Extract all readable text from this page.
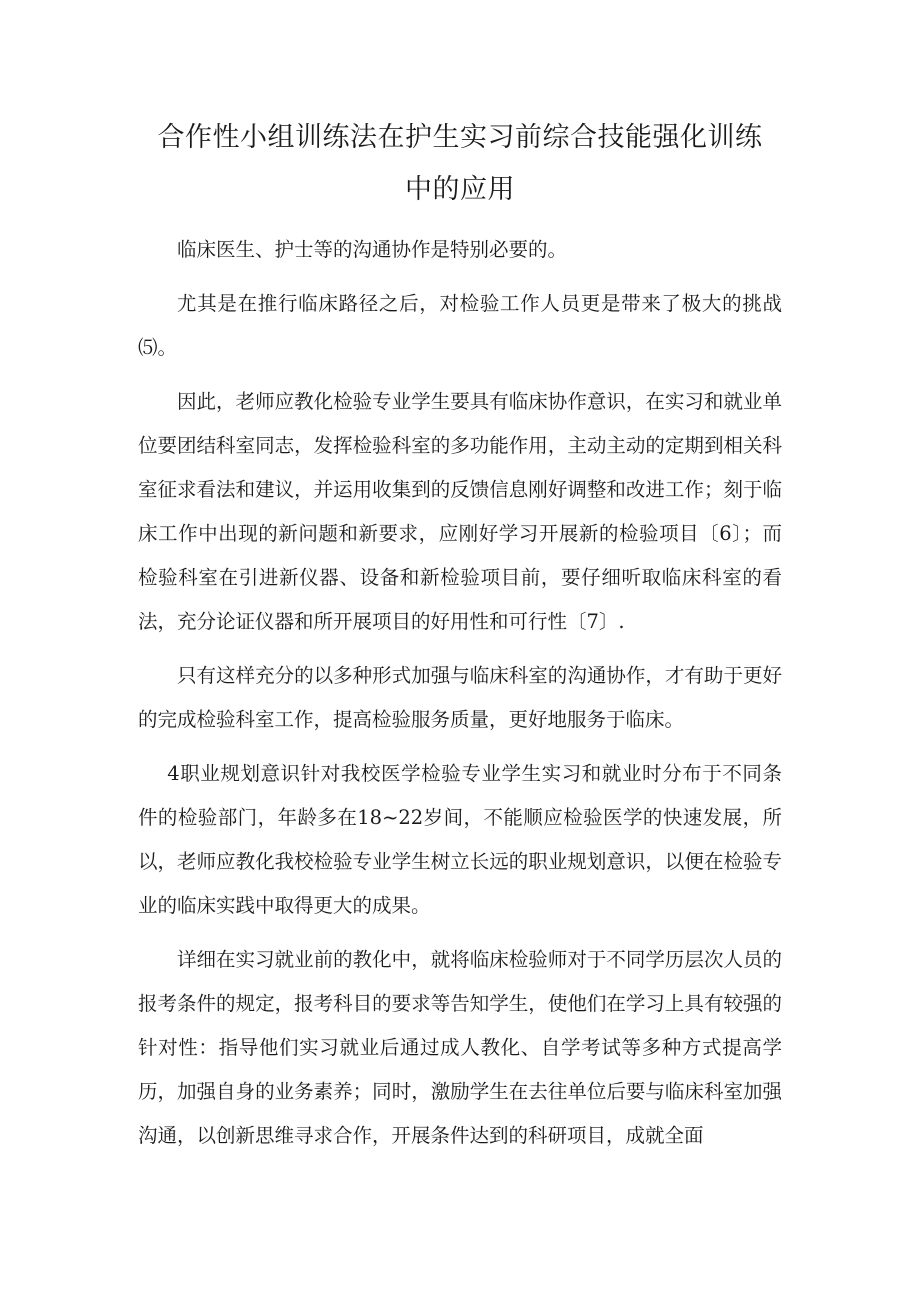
合作性小组训练法在护生实习前综合技能强化训练
中的应用

临床医生、护士等的沟通协作是特别必要的。

尤其是在推行临床路径之后，对检验工作人员更是带来了极大的挑战⑸。

因此，老师应教化检验专业学生要具有临床协作意识，在实习和就业单位要团结科室同志，发挥检验科室的多功能作用，主动主动的定期到相关科室征求看法和建议，并运用收集到的反馈信息刚好调整和改进工作；刻于临床工作中出现的新问题和新要求，应刚好学习开展新的检验项目〔6〕；而检验科室在引进新仪器、设备和新检验项目前，要仔细听取临床科室的看法，充分论证仪器和所开展项目的好用性和可行性〔7〕.

只有这样充分的以多种形式加强与临床科室的沟通协作，才有助于更好的完成检验科室工作，提高检验服务质量，更好地服务于临床。

4职业规划意识针对我校医学检验专业学生实习和就业时分布于不同条件的检验部门，年龄多在18~22岁间，不能顺应检验医学的快速发展，所以，老师应教化我校检验专业学生树立长远的职业规划意识，以便在检验专业的临床实践中取得更大的成果。

详细在实习就业前的教化中，就将临床检验师对于不同学历层次人员的报考条件的规定，报考科目的要求等告知学生，使他们在学习上具有较强的针对性：指导他们实习就业后通过成人教化、自学考试等多种方式提高学历，加强自身的业务素养；同时，激励学生在去往单位后要与临床科室加强沟通，以创新思维寻求合作，开展条件达到的科研项目，成就全面
